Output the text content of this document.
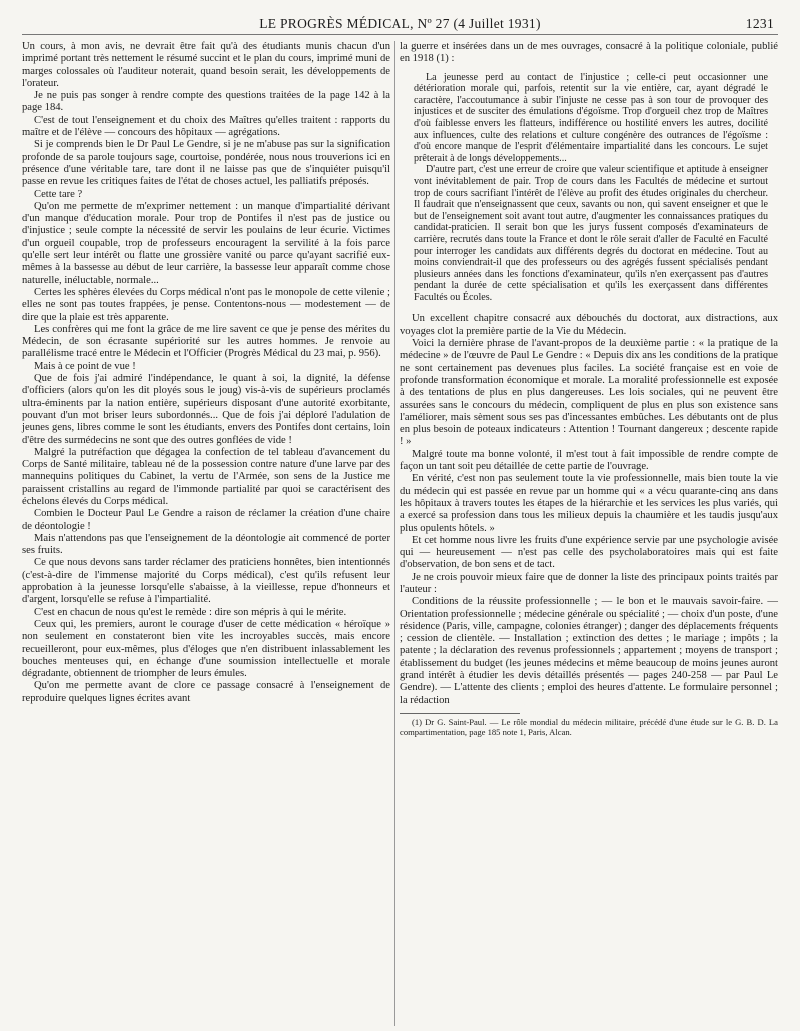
LE PROGRÈS MÉDICAL, Nº 27 (4 Juillet 1931)	1231

Un cours, à mon avis, ne devrait être fait qu'à des étudiants munis chacun d'un imprimé portant très nettement le résumé succint et le plan du cours, imprimé muni de marges colossales où l'auditeur noterait, quand besoin serait, les développements de l'orateur.

Je ne puis pas songer à rendre compte des questions traitées de la page 142 à la page 184.

C'est de tout l'enseignement et du choix des Maîtres qu'elles traitent : rapports du maître et de l'élève — concours des hôpitaux — agrégations.

Si je comprends bien le Dr Paul Le Gendre, si je ne m'abuse pas sur la signification profonde de sa parole toujours sage, courtoise, pondérée, nous nous trouverions ici en présence d'une véritable tare, tare dont il ne laisse pas que de s'inquiéter puisqu'il passe en revue les critiques faites de l'état de choses actuel, les palliatifs préposés.

Cette tare ?

Qu'on me permette de m'exprimer nettement : un manque d'impartialité dérivant d'un manque d'éducation morale. Pour trop de Pontifes il n'est pas de justice ou d'injustice ; seule compte la nécessité de servir les poulains de leur écurie. Victimes d'un orgueil coupable, trop de professeurs encouragent la servilité à la fois parce qu'elle sert leur intérêt ou flatte une grossière vanité ou parce qu'ayant sacrifié eux-mêmes à la bassesse au début de leur carrière, la bassesse leur apparaît comme chose naturelle, inéluctable, normale...

Certes les sphères élevées du Corps médical n'ont pas le monopole de cette vilenie ; elles ne sont pas toutes frappées, je pense. Contentons-nous — modestement — de dire que la plaie est très apparente.

Les confrères qui me font la grâce de me lire savent ce que je pense des mérites du Médecin, de son écrasante supériorité sur les autres hommes. Je renvoie au parallélisme tracé entre le Médecin et l'Officier (Progrès Médical du 23 mai, p. 956).

Mais à ce point de vue !

Que de fois j'ai admiré l'indépendance, le quant à soi, la dignité, la défense d'officiers (alors qu'on les dit ployés sous le joug) vis-à-vis de supérieurs proclamés ultra-éminents par la nation entière, supérieurs disposant d'une autorité exorbitante, pouvant d'un mot briser leurs subordonnés... Que de fois j'ai déploré l'adulation de jeunes gens, libres comme le sont les étudiants, envers des Pontifes dont certains, loin d'être des surmédecins ne sont que des outres gonflées de vide !

Malgré la putréfaction que dégagea la confection de tel tableau d'avancement du Corps de Santé militaire, tableau né de la possession contre nature d'une larve par des mannequins politiques du Cabinet, la vertu de l'Armée, son sens de la Justice me paraissent cristallins au regard de l'immonde partialité par quoi se caractérisent des échelons élevés du Corps médical.

Combien le Docteur Paul Le Gendre a raison de réclamer la création d'une chaire de déontologie !

Mais n'attendons pas que l'enseignement de la déontologie ait commencé de porter ses fruits.

Ce que nous devons sans tarder réclamer des praticiens honnêtes, bien intentionnés (c'est-à-dire de l'immense majorité du Corps médical), c'est qu'ils refusent leur approbation à la jeunesse lorsqu'elle s'abaisse, à la vieillesse, repue d'honneurs et d'argent, lorsqu'elle se refuse à l'impartialité.

C'est en chacun de nous qu'est le remède : dire son mépris à qui le mérite.

Ceux qui, les premiers, auront le courage d'user de cette médication « héroïque » non seulement en constateront bien vite les incroyables succès, mais encore recueilleront, pour eux-mêmes, plus d'éloges que n'en distribuent inlassablement les bouches menteuses qui, en échange d'une soumission intellectuelle et morale dégradante, obtiennent de triompher de leurs émules.

Qu'on me permette avant de clore ce passage consacré à l'enseignement de reproduire quelques lignes écrites avant

la guerre et insérées dans un de mes ouvrages, consacré à la politique coloniale, publié en 1918 (1) :

La jeunesse perd au contact de l'injustice ; celle-ci peut occasionner une détérioration morale qui, parfois, retentit sur la vie entière, car, ayant dégradé le caractère, l'accoutumance à subir l'injuste ne cesse pas à son tour de provoquer des injustices et de susciter des émulations d'égoïsme. Trop d'orgueil chez trop de Maîtres d'où faiblesse envers les flatteurs, indifférence ou hostilité envers les autres, docilité aux influences, culte des relations et culture congénère des outrances de l'égoïsme : d'où encore manque de l'esprit d'élémentaire impartialité dans les concours. Le sujet prêterait à de longs développements...

D'autre part, c'est une erreur de croire que valeur scientifique et aptitude à enseigner vont inévitablement de pair. Trop de cours dans les Facultés de médecine et surtout trop de cours sacrifiant l'intérêt de l'élève au profit des études originales du chercheur. Il faudrait que n'enseignassent que ceux, savants ou non, qui savent enseigner et que le but de l'enseignement soit avant tout autre, d'augmenter les connaissances pratiques du candidat-praticien. Il serait bon que les jurys fussent composés d'examinateurs de carrière, recrutés dans toute la France et dont le rôle serait d'aller de Faculté en Faculté pour interroger les candidats aux différents degrés du doctorat en médecine. Tout au moins conviendrait-il que des professeurs ou des agrégés fussent spécialisés pendant plusieurs années dans les fonctions d'examinateur, qu'ils n'en exerçassent pas d'autres pendant la durée de cette spécialisation et qu'ils les exerçassent dans différentes Facultés ou Écoles.

Un excellent chapitre consacré aux débouchés du doctorat, aux distractions, aux voyages clot la première partie de la Vie du Médecin.

Voici la dernière phrase de l'avant-propos de la deuxième partie : « la pratique de la médecine » de l'œuvre de Paul Le Gendre : « Depuis dix ans les conditions de la pratique ne sont certainement pas devenues plus faciles. La société française est en voie de profonde transformation économique et morale. La moralité professionnelle est exposée à des tentations de plus en plus dangereuses. Les lois sociales, qui ne peuvent être assurées sans le concours du médecin, compliquent de plus en plus son existence sans l'améliorer, mais sèment sous ses pas d'incessantes embûches. Les débutants ont de plus en plus besoin de poteaux indicateurs : Attention ! Tournant dangereux ; descente rapide ! »

Malgré toute ma bonne volonté, il m'est tout à fait impossible de rendre compte de façon un tant soit peu détaillée de cette partie de l'ouvrage.

En vérité, c'est non pas seulement toute la vie professionnelle, mais bien toute la vie du médecin qui est passée en revue par un homme qui « a vécu quarante-cinq ans dans les hôpitaux à travers toutes les étapes de la hiérarchie et les services les plus variés, qui a exercé sa profession dans tous les milieux depuis la chaumière et les taudis jusqu'aux plus opulents hôtels. »

Et cet homme nous livre les fruits d'une expérience servie par une psychologie avisée qui — heureusement — n'est pas celle des psycholaboratoires mais qui est faite d'observation, de bon sens et de tact.

Je ne crois pouvoir mieux faire que de donner la liste des principaux points traités par l'auteur :

Conditions de la réussite professionnelle ; — le bon et le mauvais savoir-faire. — Orientation professionnelle ; médecine générale ou spécialité ; — choix d'un poste, d'une résidence (Paris, ville, campagne, colonies étranger) ; danger des déplacements fréquents ; cession de clientèle. — Installation ; extinction des dettes ; le mariage ; impôts ; la patente ; la déclaration des revenus professionnels ; appartement ; moyens de transport ; établissement du budget (les jeunes médecins et même beaucoup de moins jeunes auront grand intérêt à étudier les devis détaillés présentés — pages 240-258 — par Paul Le Gendre). — L'attente des clients ; emploi des heures d'attente. Le formulaire personnel ; la rédaction

(1) Dr G. Saint-Paul. — Le rôle mondial du médecin militaire, précédé d'une étude sur le G. B. D. La compartimentation, page 185 note 1, Paris, Alcan.
